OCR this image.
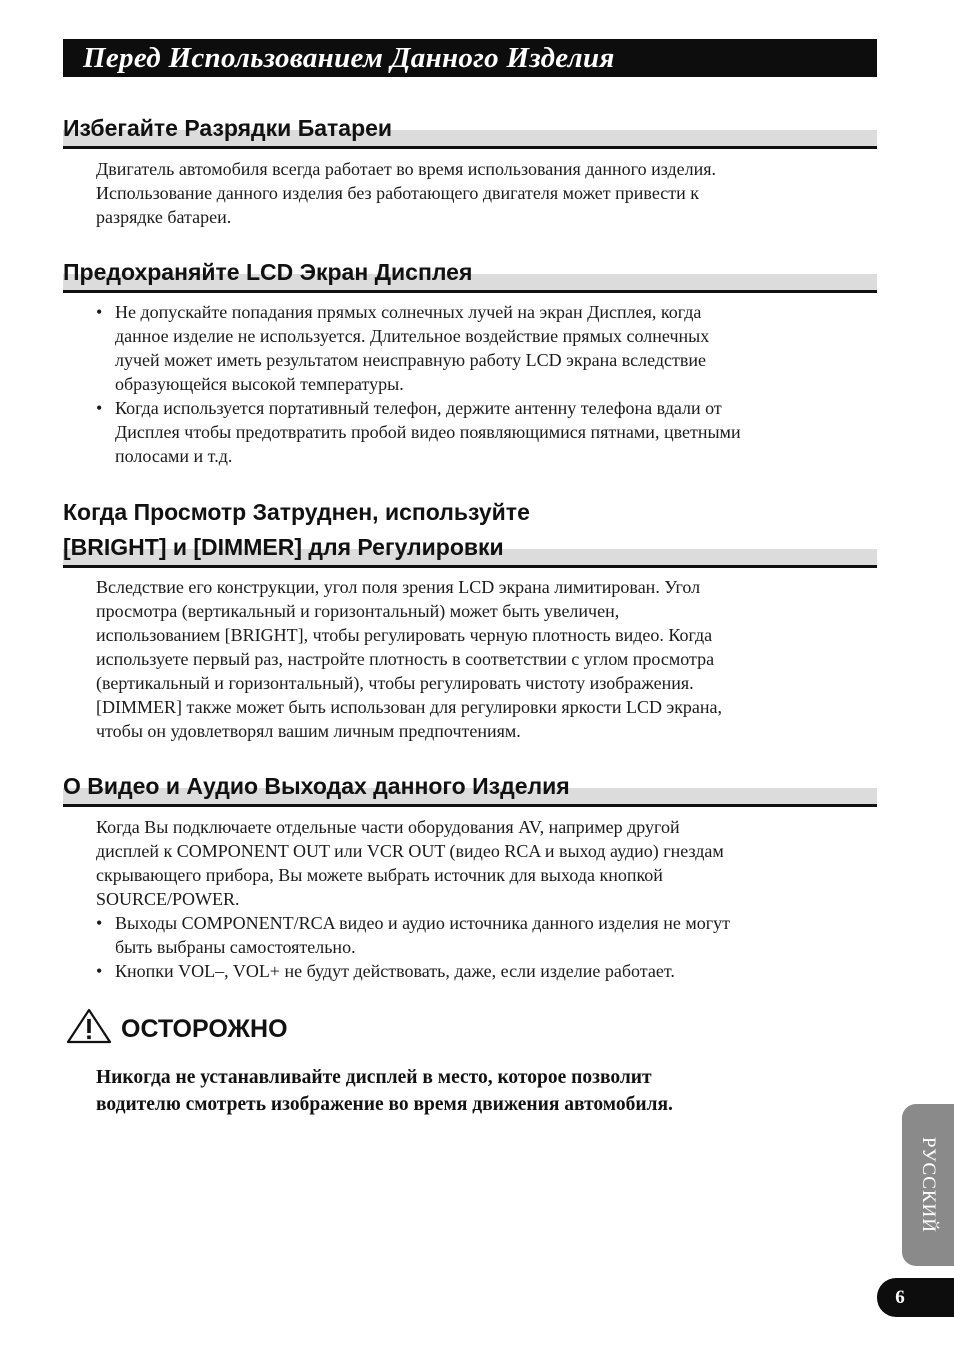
Перед Использованием Данного Изделия
Избегайте Разрядки Батареи
Двигатель автомобиля всегда работает во время использования данного изделия.
Использование данного изделия без работающего двигателя может привести к
разрядке батареи.
Предохраняйте LCD Экран Дисплея
• Не допускайте попадания прямых солнечных лучей на экран Дисплея, когда
данное изделие не используется. Длительное воздействие прямых солнечных
лучей может иметь результатом неисправную работу LCD экрана вследствие
образующейся высокой температуры.
• Когда используется портативный телефон, держите антенну телефона вдали от
Дисплея чтобы предотвратить пробой видео появляющимися пятнами, цветными
полосами и т.д.
Когда Просмотр Затруднен, используйте
[BRIGHT] и [DIMMER] для Регулировки
Вследствие его конструкции, угол поля зрения LCD экрана лимитирован. Угол
просмотра (вертикальный и горизонтальный) может быть увеличен,
использованием [BRIGHT], чтобы регулировать черную плотность видео. Когда
используете первый раз, настройте плотность в соответствии с углом просмотра
(вертикальный и горизонтальный), чтобы регулировать чистоту изображения.
[DIMMER] также может быть использован для регулировки яркости LCD экрана,
чтобы он удовлетворял вашим личным предпочтениям.
О Видео и Аудио Выходах данного Изделия
Когда Вы подключаете отдельные части оборудования AV, например другой
дисплей к COMPONENT OUT или VCR OUT (видео RCA и выход аудио) гнездам
скрывающего прибора, Вы можете выбрать источник для выхода кнопкой
SOURCE/POWER.
• Выходы COMPONENT/RCA видео и аудио источника данного изделия не могут
быть выбраны самостоятельно.
• Кнопки VOL–, VOL+ не будут действовать, даже, если изделие работает.
ОСТОРОЖНО
Никогда не устанавливайте дисплей в место, которое позволит
водителю смотреть изображение во время движения автомобиля.
РУССКИЙ
6
